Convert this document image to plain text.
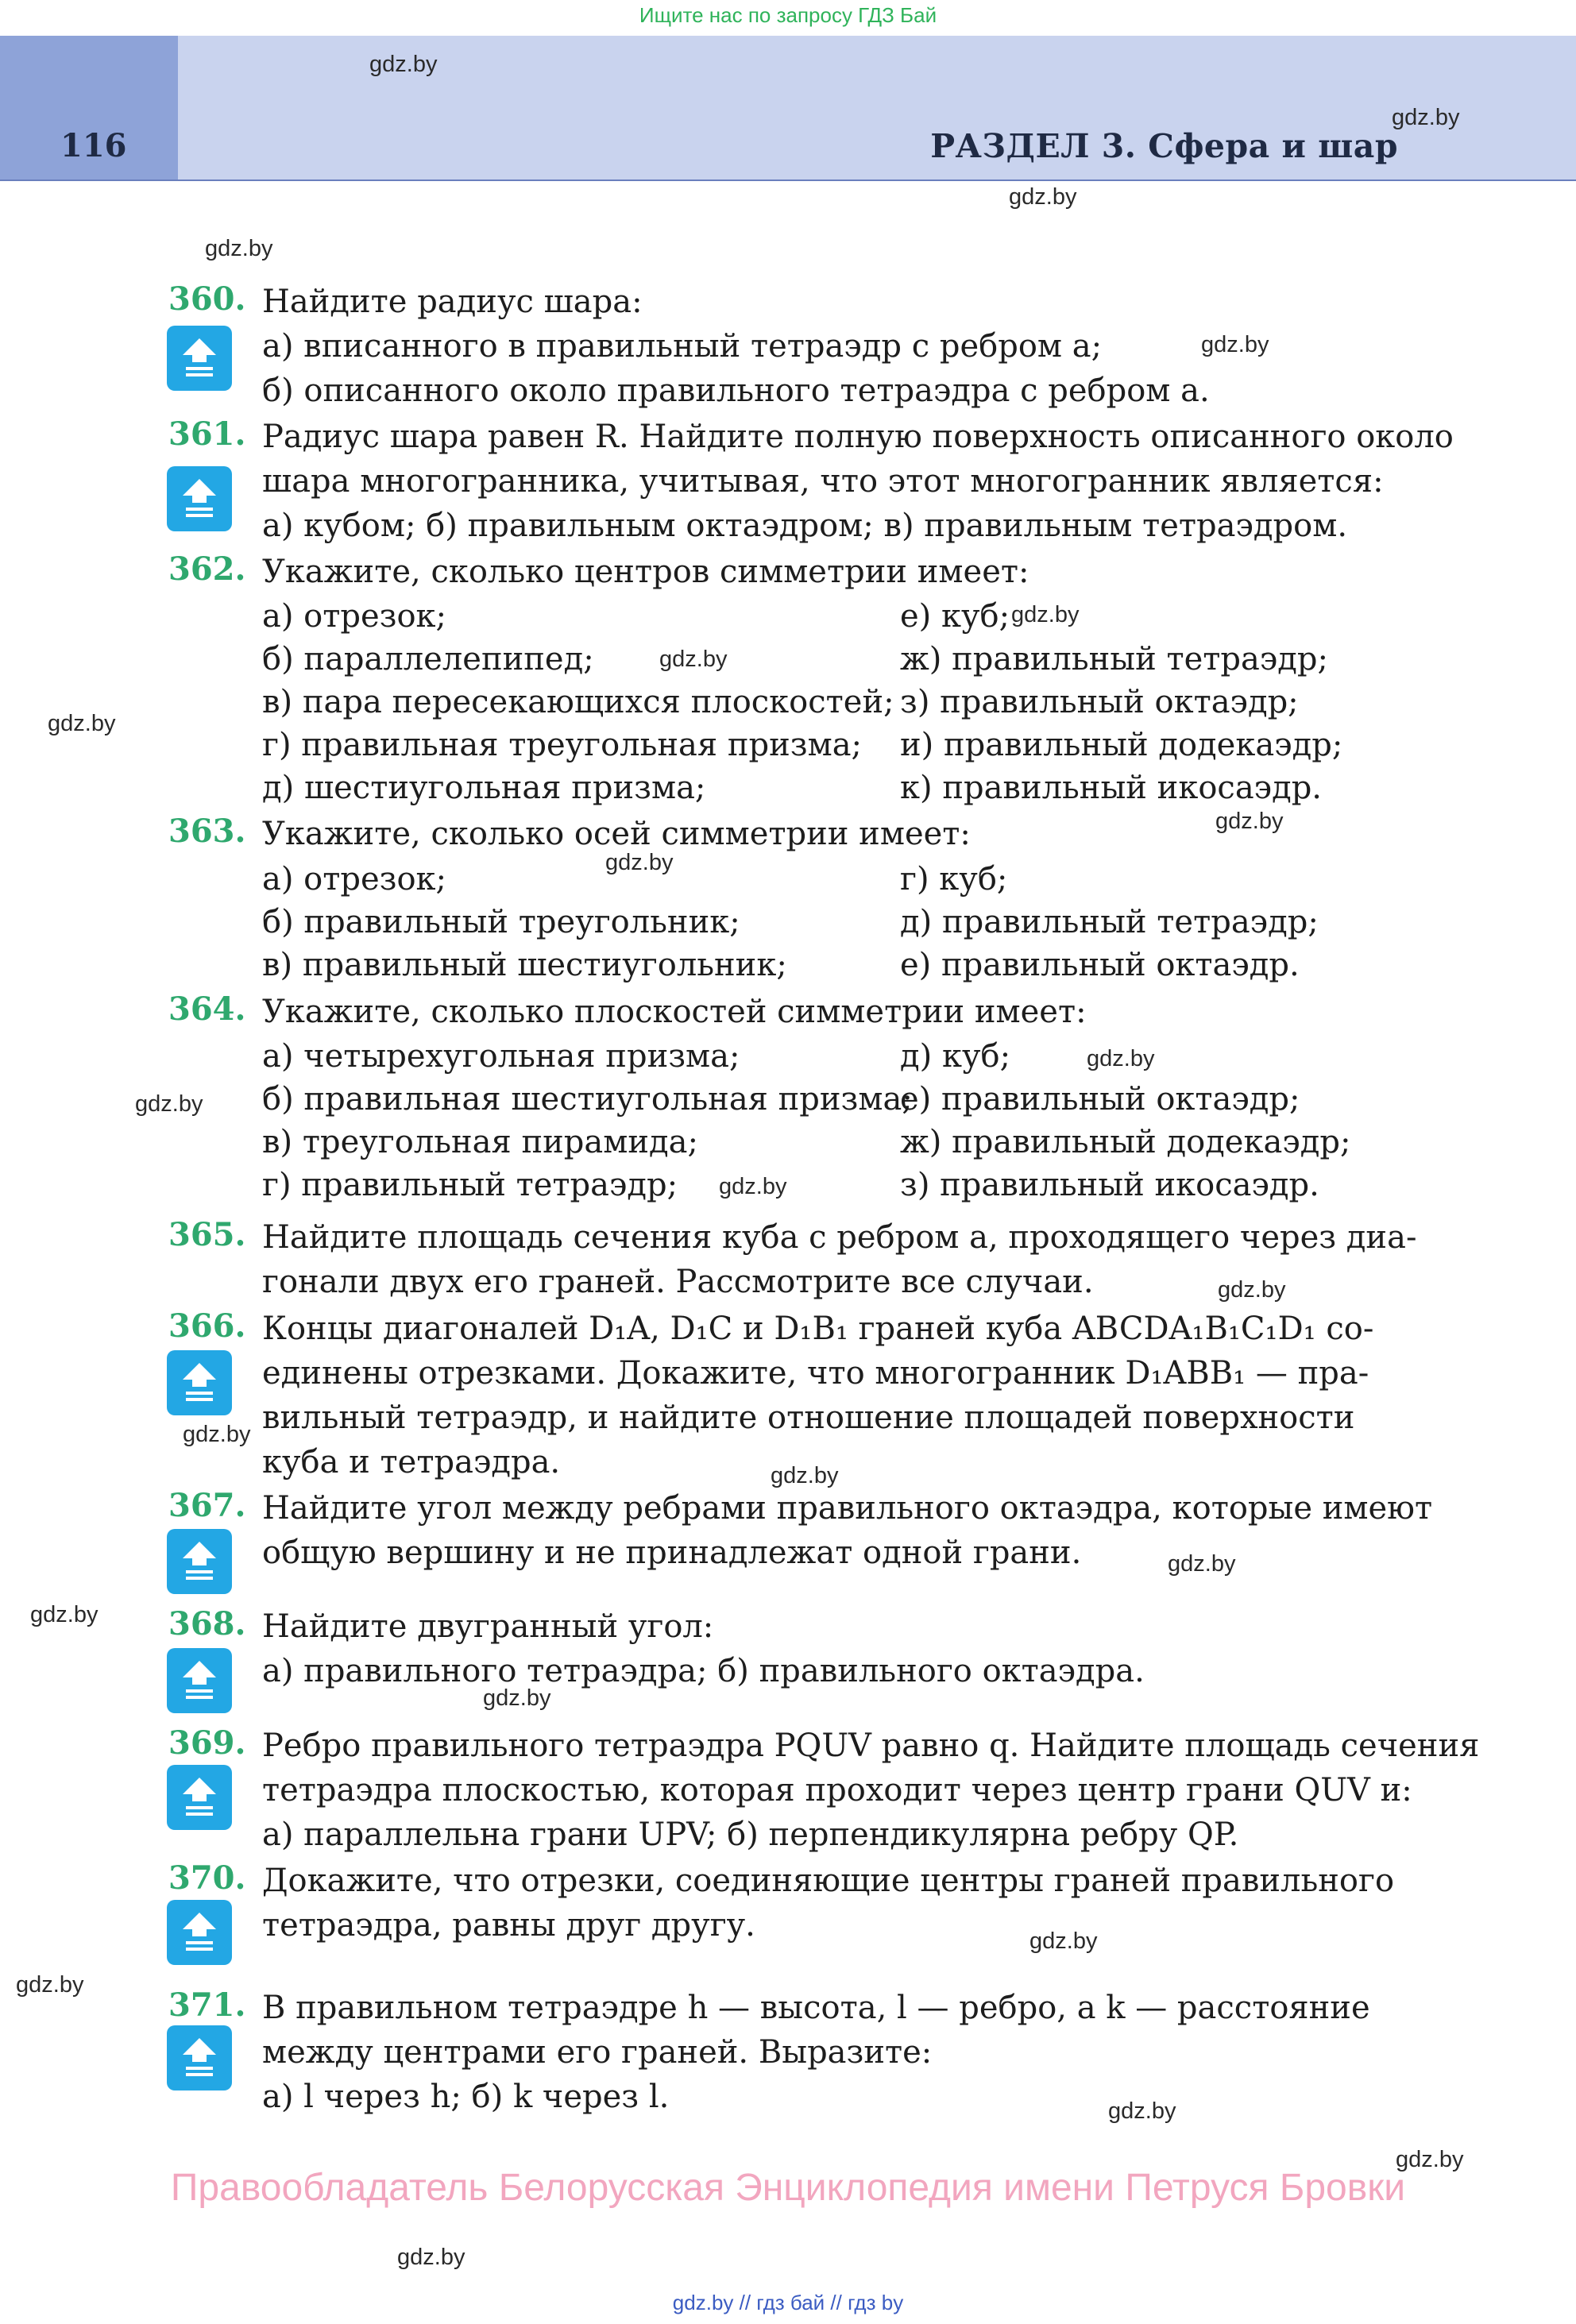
Ищите нас по запросу ГДЗ Бай
116	РАЗДЕЛ 3. Сфера и шар
gdz.by
gdz.by
gdz.by
gdz.by
gdz.by
gdz.by
gdz.by
gdz.by
gdz.by
gdz.by
gdz.by
gdz.by
gdz.by
gdz.by
gdz.by
gdz.by
gdz.by
gdz.by
gdz.by
gdz.by
gdz.by
gdz.by
gdz.by
gdz.by
360. Найдите радиус шара:
а) вписанного в правильный тетраэдр с ребром a;
б) описанного около правильного тетраэдра с ребром a.
361. Радиус шара равен R. Найдите полную поверхность описанного около
шара многогранника, учитывая, что этот многогранник является:
а) кубом; б) правильным октаэдром; в) правильным тетраэдром.
362. Укажите, сколько центров симметрии имеет:
а) отрезок;
б) параллелепипед;
в) пара пересекающихся плоскостей;
г) правильная треугольная призма;
д) шестиугольная призма;
е) куб;
ж) правильный тетраэдр;
з) правильный октаэдр;
и) правильный додекаэдр;
к) правильный икосаэдр.
363. Укажите, сколько осей симметрии имеет:
а) отрезок;
б) правильный треугольник;
в) правильный шестиугольник;
г) куб;
д) правильный тетраэдр;
е) правильный октаэдр.
364. Укажите, сколько плоскостей симметрии имеет:
а) четырехугольная призма;
б) правильная шестиугольная призма;
в) треугольная пирамида;
г) правильный тетраэдр;
д) куб;
е) правильный октаэдр;
ж) правильный додекаэдр;
з) правильный икосаэдр.
365. Найдите площадь сечения куба с ребром a, проходящего через диа-
гонали двух его граней. Рассмотрите все случаи.
366. Концы диагоналей D₁A, D₁C и D₁B₁ граней куба ABCDA₁B₁C₁D₁ со-
единены отрезками. Докажите, что многогранник D₁ABB₁ — пра-
вильный тетраэдр, и найдите отношение площадей поверхности
куба и тетраэдра.
367. Найдите угол между ребрами правильного октаэдра, которые имеют
общую вершину и не принадлежат одной грани.
368. Найдите двугранный угол:
а) правильного тетраэдра; б) правильного октаэдра.
369. Ребро правильного тетраэдра PQUV равно q. Найдите площадь сечения
тетраэдра плоскостью, которая проходит через центр грани QUV и:
а) параллельна грани UPV; б) перпендикулярна ребру QP.
370. Докажите, что отрезки, соединяющие центры граней правильного
тетраэдра, равны друг другу.
371. В правильном тетраэдре h — высота, l — ребро, а k — расстояние
между центрами его граней. Выразите:
а) l через h; б) k через l.
Правообладатель Белорусская Энциклопедия имени Петруся Бровки
gdz.by // гдз бай // гдз by
